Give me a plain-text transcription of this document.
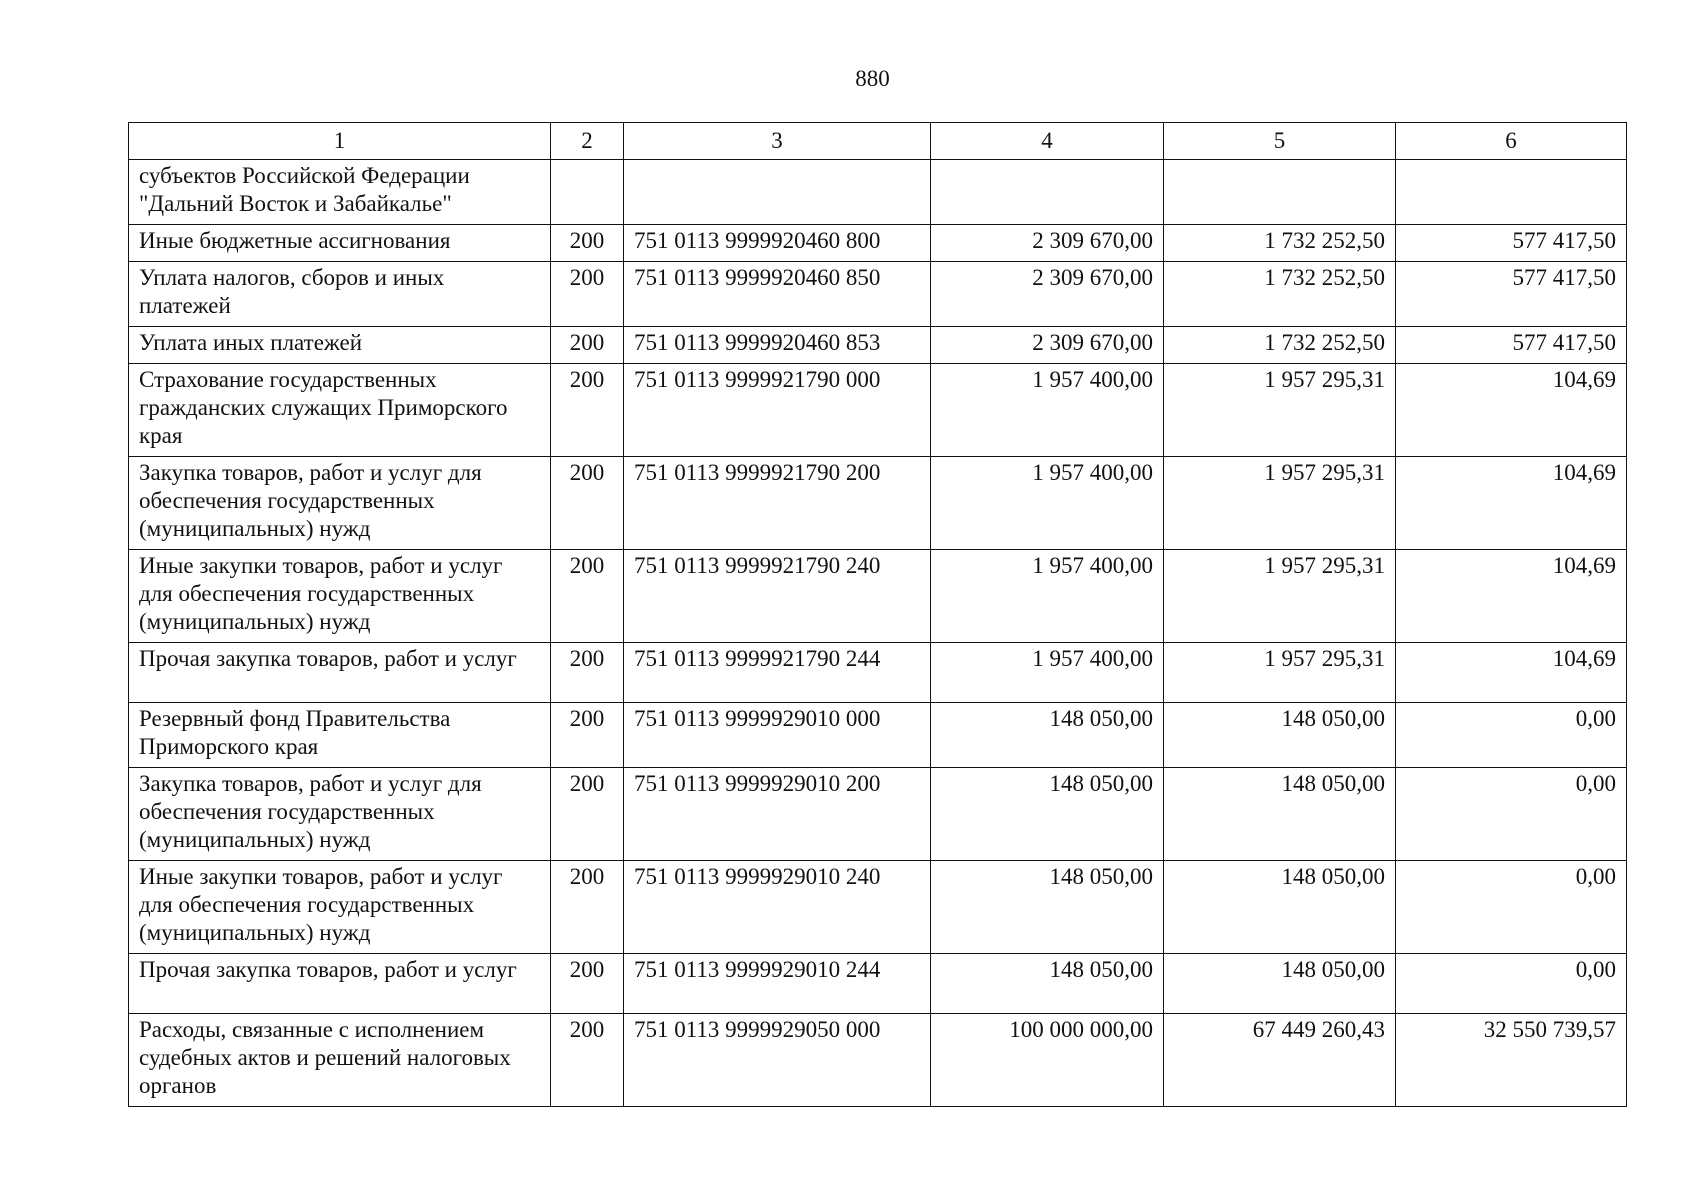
880
1	2	3	4	5	6
субъектов Российской Федерации "Дальний Восток и Забайкалье"					
Иные бюджетные ассигнования	200	751 0113 9999920460 800	2 309 670,00	1 732 252,50	577 417,50
Уплата налогов, сборов и иных платежей	200	751 0113 9999920460 850	2 309 670,00	1 732 252,50	577 417,50
Уплата иных платежей	200	751 0113 9999920460 853	2 309 670,00	1 732 252,50	577 417,50
Страхование государственных гражданских служащих Приморского края	200	751 0113 9999921790 000	1 957 400,00	1 957 295,31	104,69
Закупка товаров, работ и услуг для обеспечения государственных (муниципальных) нужд	200	751 0113 9999921790 200	1 957 400,00	1 957 295,31	104,69
Иные закупки товаров, работ и услуг для обеспечения государственных (муниципальных) нужд	200	751 0113 9999921790 240	1 957 400,00	1 957 295,31	104,69
Прочая закупка товаров, работ и услуг	200	751 0113 9999921790 244	1 957 400,00	1 957 295,31	104,69
Резервный фонд Правительства Приморского края	200	751 0113 9999929010 000	148 050,00	148 050,00	0,00
Закупка товаров, работ и услуг для обеспечения государственных (муниципальных) нужд	200	751 0113 9999929010 200	148 050,00	148 050,00	0,00
Иные закупки товаров, работ и услуг для обеспечения государственных (муниципальных) нужд	200	751 0113 9999929010 240	148 050,00	148 050,00	0,00
Прочая закупка товаров, работ и услуг	200	751 0113 9999929010 244	148 050,00	148 050,00	0,00
Расходы, связанные с исполнением судебных актов и решений налоговых органов	200	751 0113 9999929050 000	100 000 000,00	67 449 260,43	32 550 739,57
